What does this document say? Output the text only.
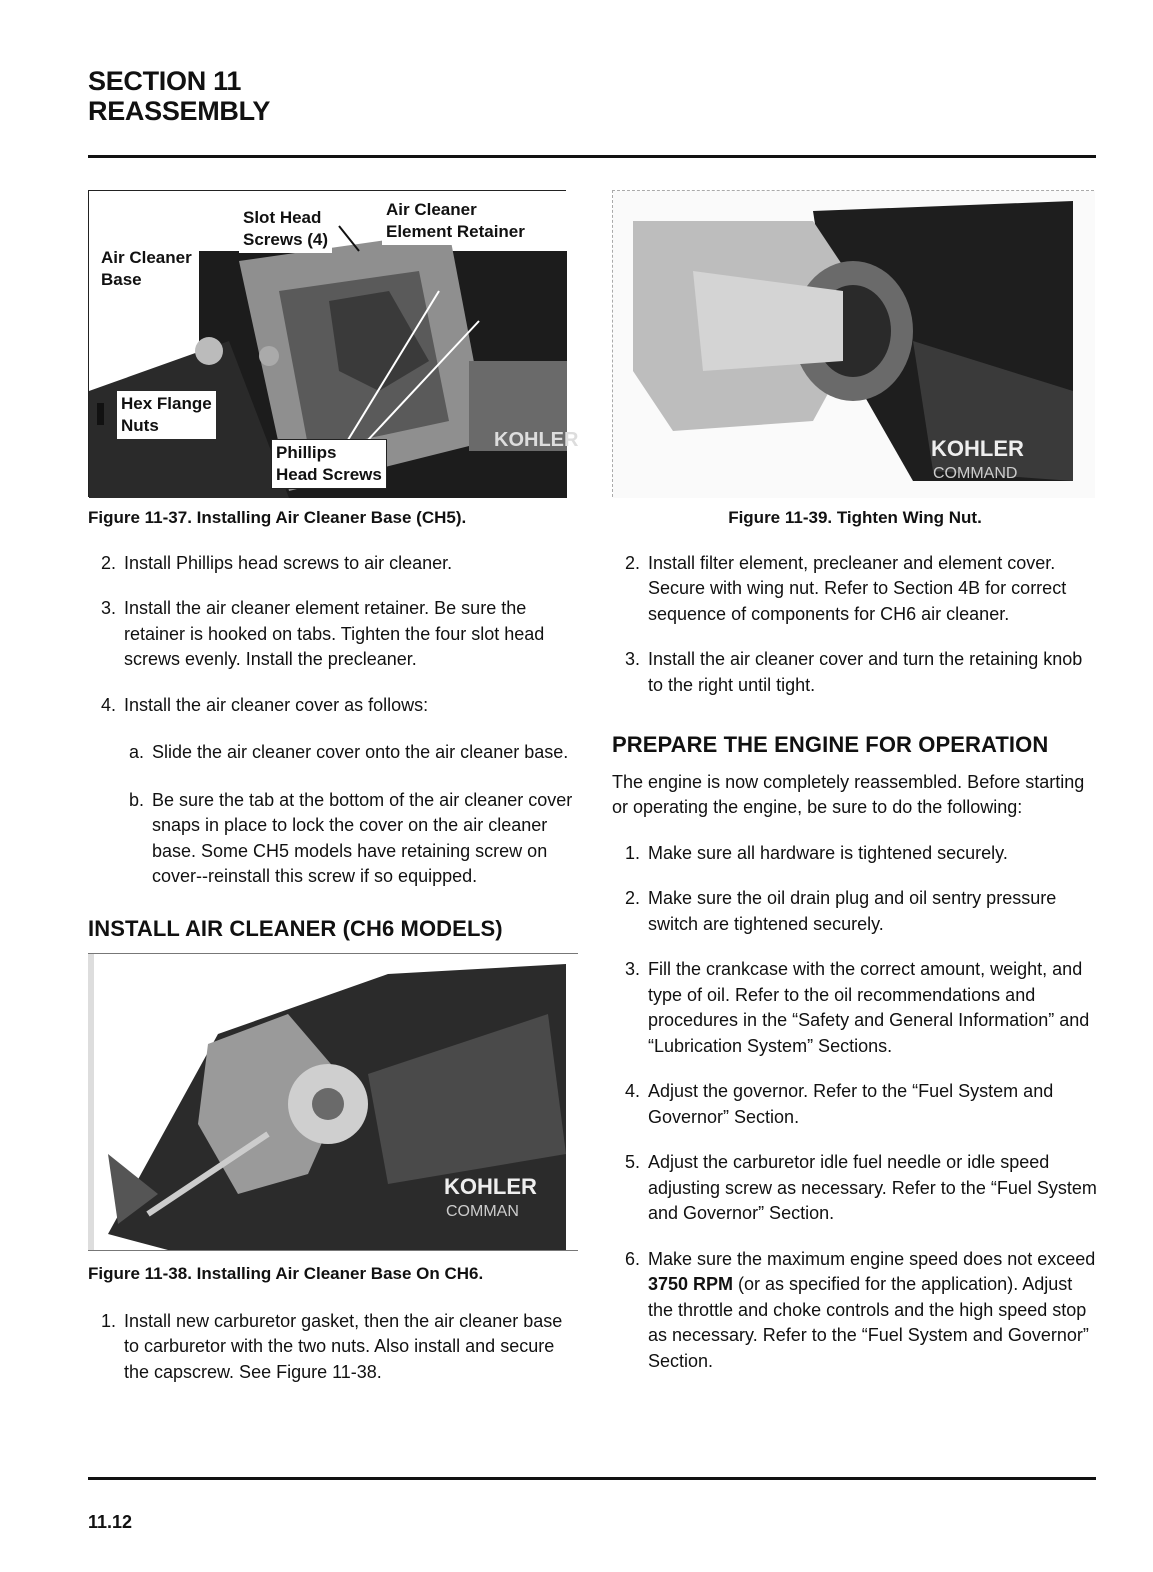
SECTION 11
REASSEMBLY
KOHLER
Slot Head
Screws (4)
Air Cleaner
Element Retainer
Air Cleaner
Base
Hex Flange
Nuts
Phillips
Head Screws
Figure 11-37. Installing Air Cleaner Base (CH5).
2. Install Phillips head screws to air cleaner.
3. Install the air cleaner element retainer. Be sure the retainer is hooked on tabs. Tighten the four slot head screws evenly. Install the precleaner.
4. Install the air cleaner cover as follows:
a. Slide the air cleaner cover onto the air cleaner base.
b. Be sure the tab at the bottom of the air cleaner cover snaps in place to lock the cover on the air cleaner base. Some CH5 models have retaining screw on cover--reinstall this screw if so equipped.
INSTALL AIR CLEANER (CH6 MODELS)
KOHLER
COMMAN
Figure 11-38. Installing Air Cleaner Base On CH6.
1. Install new carburetor gasket, then the air cleaner base to carburetor with the two nuts. Also install and secure the capscrew. See Figure 11-38.
KOHLER
COMMAND
Figure 11-39. Tighten Wing Nut.
2. Install filter element, precleaner and element cover. Secure with wing nut. Refer to Section 4B for correct sequence of components for CH6 air cleaner.
3. Install the air cleaner cover and turn the retaining knob to the right until tight.
PREPARE THE ENGINE FOR OPERATION
The engine is now completely reassembled. Before starting or operating the engine, be sure to do the following:
1. Make sure all hardware is tightened securely.
2. Make sure the oil drain plug and oil sentry pressure switch are tightened securely.
3. Fill the crankcase with the correct amount, weight, and type of oil. Refer to the oil recommendations and procedures in the “Safety and General Information” and “Lubrication System” Sections.
4. Adjust the governor. Refer to the “Fuel System and Governor” Section.
5. Adjust the carburetor idle fuel needle or idle speed adjusting screw as necessary. Refer to the “Fuel System and Governor” Section.
6. Make sure the maximum engine speed does not exceed 3750 RPM (or as specified for the application). Adjust the throttle and choke controls and the high speed stop as necessary. Refer to the “Fuel System and Governor” Section.
11.12
